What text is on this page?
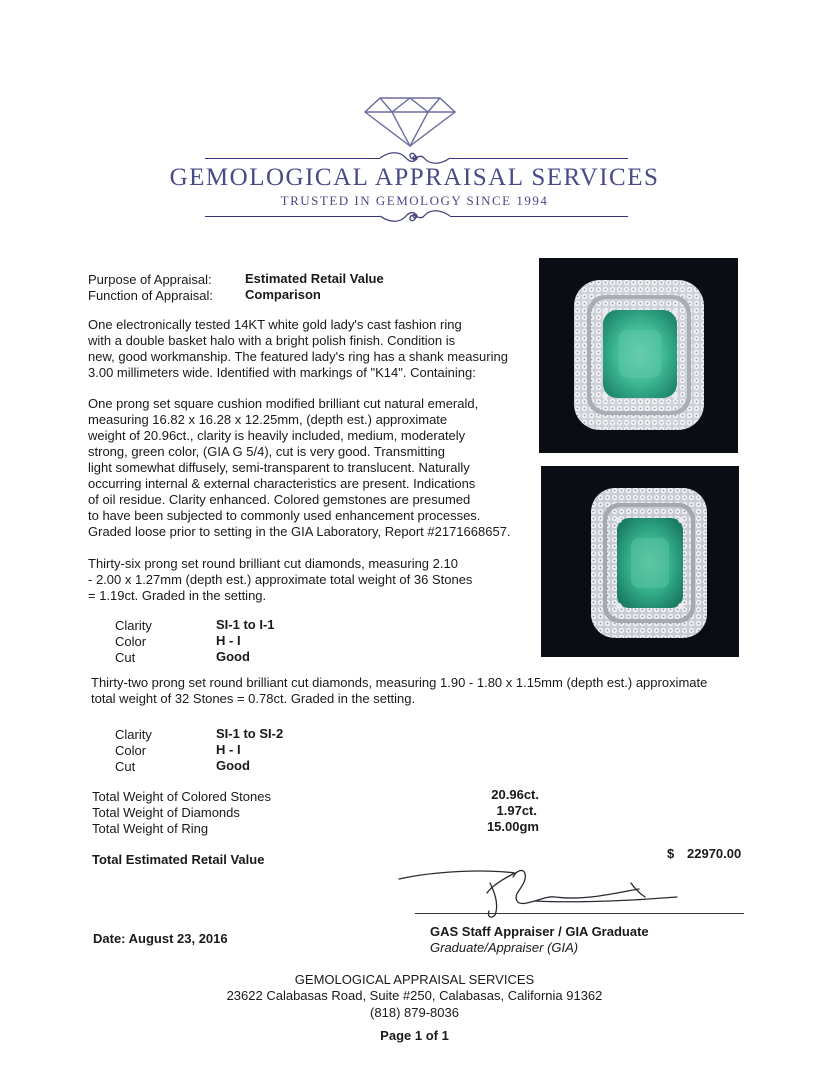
GEMOLOGICAL APPRAISAL SERVICES
TRUSTED IN GEMOLOGY SINCE 1994
Purpose of Appraisal:	Estimated Retail Value
Function of Appraisal: Comparison
One electronically tested 14KT white gold lady's cast fashion ring
with a double basket halo with a bright polish finish. Condition is
new, good workmanship. The featured lady's ring has a shank measuring
3.00 millimeters wide. Identified with markings of "K14". Containing:
One prong set square cushion modified brilliant cut natural emerald,
measuring 16.82 x 16.28 x 12.25mm, (depth est.) approximate
weight of 20.96ct., clarity is heavily included, medium, moderately
strong, green color, (GIA G 5/4), cut is very good. Transmitting
light somewhat diffusely, semi-transparent to translucent. Naturally
occurring internal & external characteristics are present. Indications
of oil residue. Clarity enhanced. Colored gemstones are presumed
to have been subjected to commonly used enhancement processes.
Graded loose prior to setting in the GIA Laboratory, Report #2171668657.
Thirty-six prong set round brilliant cut diamonds, measuring 2.10
- 2.00 x 1.27mm (depth est.) approximate total weight of 36 Stones
= 1.19ct. Graded in the setting.
Clarity	SI-1 to I-1
Color	H - I
Cut	Good
Thirty-two prong set round brilliant cut diamonds, measuring 1.90 - 1.80 x 1.15mm (depth est.) approximate
total weight of 32 Stones = 0.78ct. Graded in the setting.
Clarity	SI-1 to SI-2
Color	H - I
Cut	Good
Total Weight of Colored Stones	20.96ct.
Total Weight of Diamonds	1.97ct.
Total Weight of Ring	15.00gm
Total Estimated Retail Value	$ 22970.00
GAS Staff Appraiser / GIA Graduate
Graduate/Appraiser (GIA)
Date: August 23, 2016
GEMOLOGICAL APPRAISAL SERVICES
23622 Calabasas Road, Suite #250, Calabasas, California 91362
(818) 879-8036
Page 1 of 1
